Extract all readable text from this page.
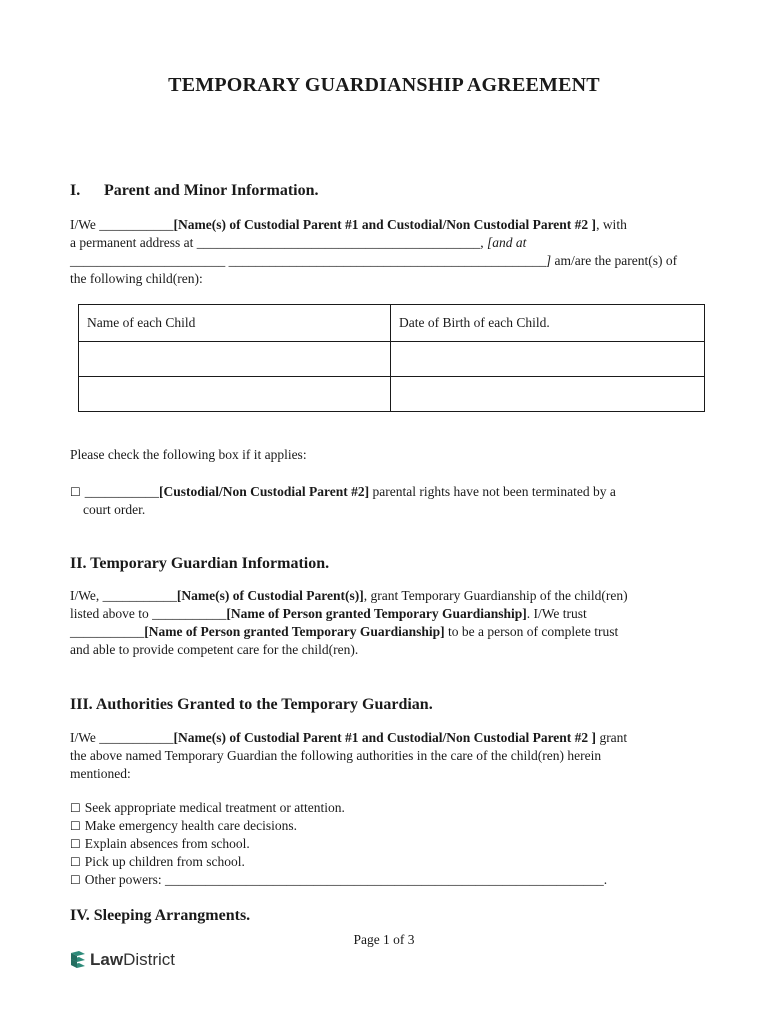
TEMPORARY GUARDIANSHIP AGREEMENT
I. Parent and Minor Information.
I/We ___________[Name(s) of Custodial Parent #1 and Custodial/Non Custodial Parent #2 ], with
a permanent address at __________________________________________, [and at
_______________________ _______________________________________________] am/are the parent(s) of
the following child(ren):
Name of each Child	Date of Birth of each Child.

Please check the following box if it applies:
☐ ___________[Custodial/Non Custodial Parent #2] parental rights have not been terminated by a
court order.
II. Temporary Guardian Information.
I/We, ___________[Name(s) of Custodial Parent(s)], grant Temporary Guardianship of the child(ren)
listed above to ___________[Name of Person granted Temporary Guardianship]. I/We trust
___________[Name of Person granted Temporary Guardianship] to be a person of complete trust
and able to provide competent care for the child(ren).
III. Authorities Granted to the Temporary Guardian.
I/We ___________[Name(s) of Custodial Parent #1 and Custodial/Non Custodial Parent #2 ] grant
the above named Temporary Guardian the following authorities in the care of the child(ren) herein
mentioned:
☐ Seek appropriate medical treatment or attention.
☐ Make emergency health care decisions.
☐ Explain absences from school.
☐ Pick up children from school.
☐ Other powers: _________________________________________________________________.
IV. Sleeping Arrangments.
Page 1 of 3
Law District
